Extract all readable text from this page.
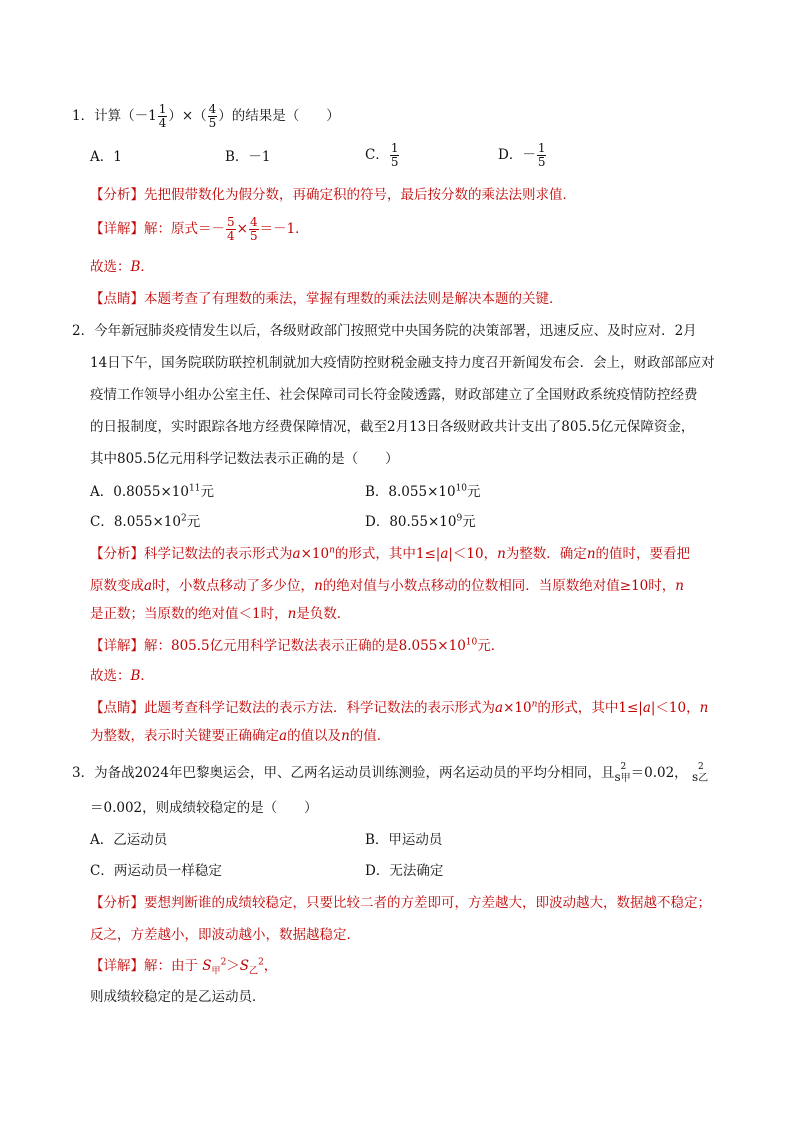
1．计算（$-1 \frac{1}{4}$ ）×（ $\frac{4}{5}$ ）的结果是（　　）
A．1	B．－1	C． $\frac{1}{5}$	D．－ $\frac{1}{5}$
【分析】先把假带数化为假分数，再确定积的符号，最后按分数的乘法法则求值．
【详解】解：原式＝－ $\frac{5}{4} \times \frac{4}{5} =-1$．
故选：B．
【点睛】本题考查了有理数的乘法，掌握有理数的乘法法则是解决本题的关键．
2．今年新冠肺炎疫情发生以后，各级财政部门按照党中央国务院的决策部署，迅速反应、及时应对．2月
14日下午，国务院联防联控机制就加大疫情防控财税金融支持力度召开新闻发布会．会上，财政部部应对
疫情工作领导小组办公室主任、社会保障司司长符金陵透露，财政部建立了全国财政系统疫情防控经费
的日报制度，实时跟踪各地方经费保障情况，截至2月13日各级财政共计支出了805.5亿元保障资金，
其中805.5亿元用科学记数法表示正确的是（　　）
A．$0.8055\times 10^{11}$元	B．$8.055\times 10^{10}$元
C．$8.055\times 10^2$元	D．$80.55\times 10^9$元
【分析】科学记数法的表示形式为$a\times 10^n$的形式，其中1≤|a|＜10，n为整数．确定n的值时，要看把
原数变成a时，小数点移动了多少位，n的绝对值与小数点移动的位数相同．当原数绝对值≥10时，n
是正数；当原数的绝对值＜1时，n是负数．
【详解】解：805.5亿元用科学记数法表示正确的是$8.055\times 10^{10}$元．
故选：B．
【点睛】此题考查科学记数法的表示方法．科学记数法的表示形式为$a\times 10^n$的形式，其中1≤|a|＜10，n
为整数，表示时关键要正确确定a的值以及n的值．
3．为备战2024年巴黎奥运会，甲、乙两名运动员训练测验，两名运动员的平均分相同，且 2
s甲＝0.02，	2
s乙
＝0.002，则成绩较稳定的是（　　）
A．乙运动员	B．甲运动员
C．两运动员一样稳定	D．无法确定
【分析】要想判断谁的成绩较稳定，只要比较二者的方差即可，方差越大，即波动越大，数据越不稳定；
反之，方差越小，即波动越小，数据越稳定．
【详解】解：由于 $S_甲^2>S_乙^2$，
则成绩较稳定的是乙运动员．
